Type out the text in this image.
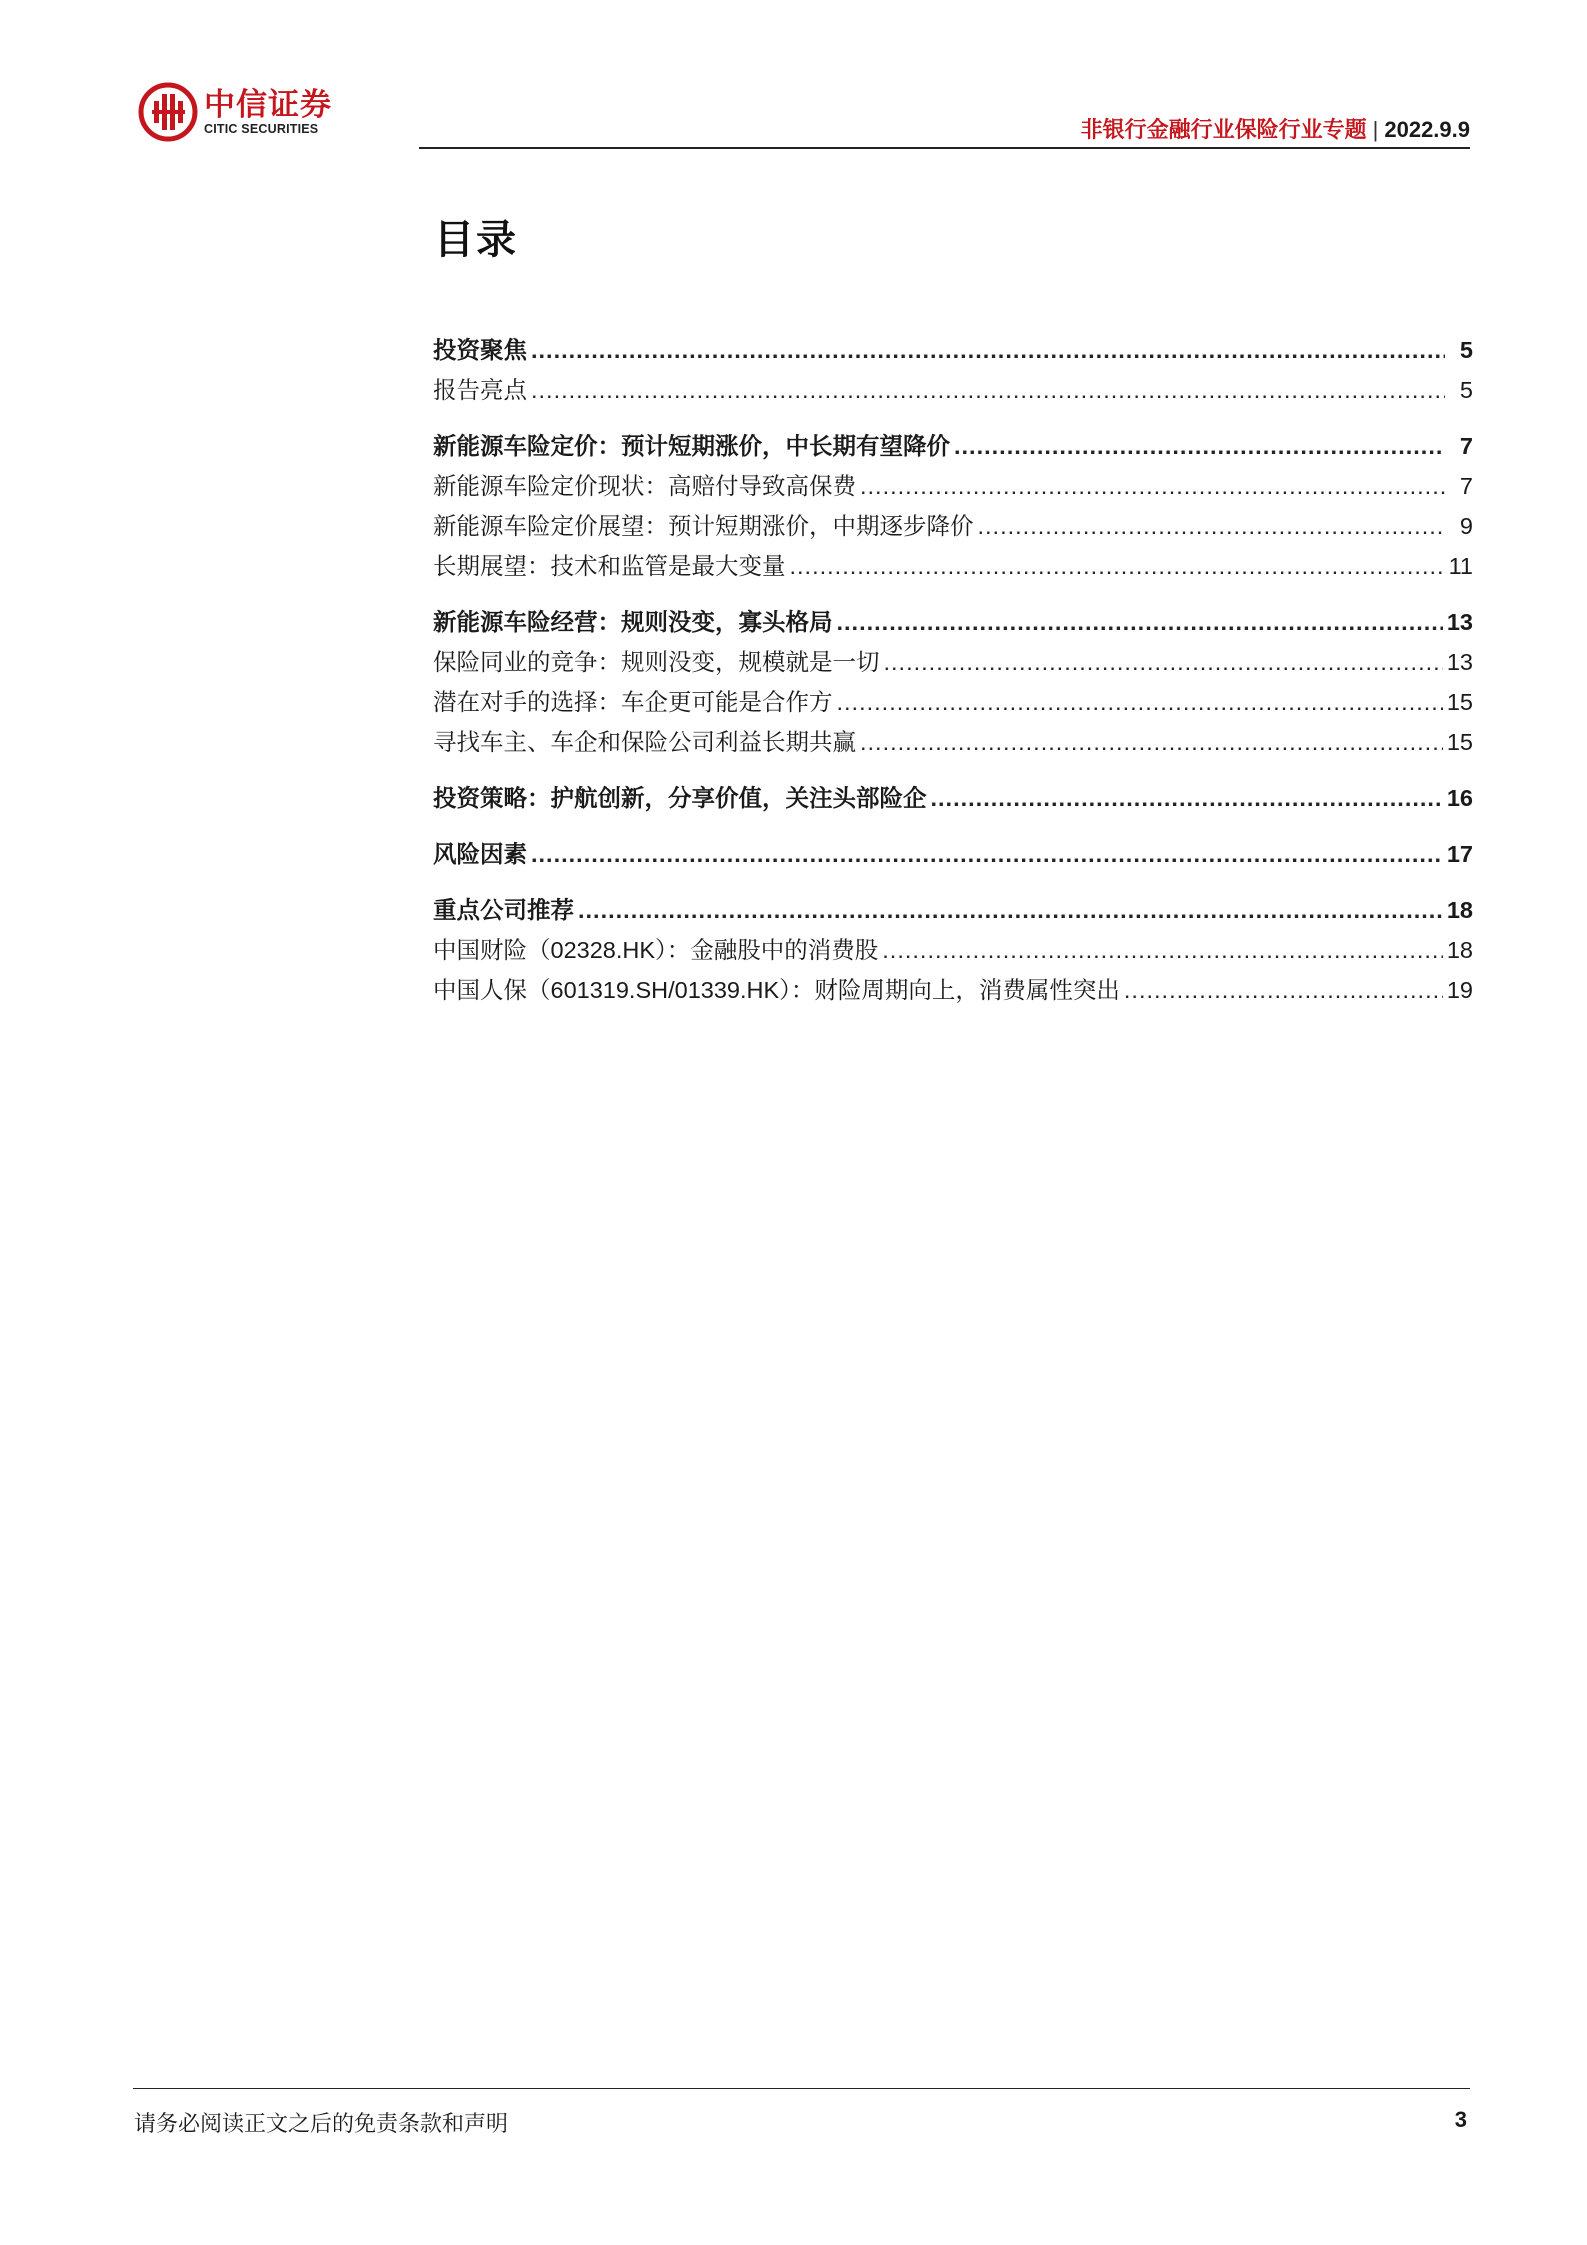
中信证券
CITIC SECURITIES	非银行金融行业保险行业专题 | 2022.9.9
目录
投资聚焦 .....	5
报告亮点 .....	5
新能源车险定价：预计短期涨价，中长期有望降价 .....	7
新能源车险定价现状：高赔付导致高保费 .....	7
新能源车险定价展望：预计短期涨价，中期逐步降价 .....	9
长期展望：技术和监管是最大变量 .....	11
新能源车险经营：规则没变，寡头格局 .....	13
保险同业的竞争：规则没变，规模就是一切 .....	13
潜在对手的选择：车企更可能是合作方 .....	15
寻找车主、车企和保险公司利益长期共赢 .....	15
投资策略：护航创新，分享价值，关注头部险企 .....	16
风险因素 .....	17
重点公司推荐 .....	18
中国财险（02328.HK）：金融股中的消费股 .....	18
中国人保（601319.SH/01339.HK）：财险周期向上，消费属性突出 .....	19
请务必阅读正文之后的免责条款和声明	3
